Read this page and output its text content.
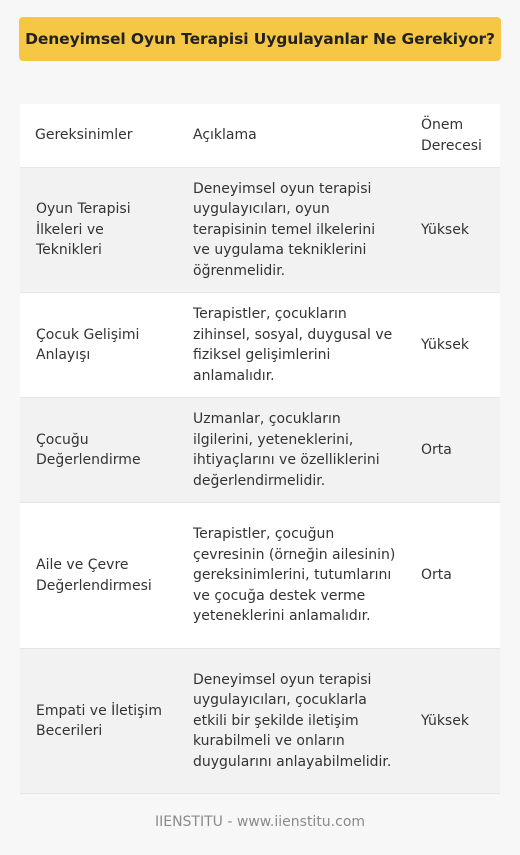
Deneyimsel Oyun Terapisi Uygulayanlar Ne Gerekiyor?
Gereksinimler	Açıklama	Önem Derecesi
Oyun Terapisi İlkeleri ve Teknikleri	Deneyimsel oyun terapisi uygulayıcıları, oyun terapisinin temel ilkelerini ve uygulama tekniklerini öğrenmelidir.	Yüksek
Çocuk Gelişimi Anlayışı	Terapistler, çocukların zihinsel, sosyal, duygusal ve fiziksel gelişimlerini anlamalıdır.	Yüksek
Çocuğu Değerlendirme	Uzmanlar, çocukların ilgilerini, yeteneklerini, ihtiyaçlarını ve özelliklerini değerlendirmelidir.	Orta
Aile ve Çevre Değerlendirmesi	Terapistler, çocuğun çevresinin (örneğin ailesinin) gereksinimlerini, tutumlarını ve çocuğa destek verme yeteneklerini anlamalıdır.	Orta
Empati ve İletişim Becerileri	Deneyimsel oyun terapisi uygulayıcıları, çocuklarla etkili bir şekilde iletişim kurabilmeli ve onların duygularını anlayabilmelidir.	Yüksek
IIENSTITU - www.iienstitu.com
